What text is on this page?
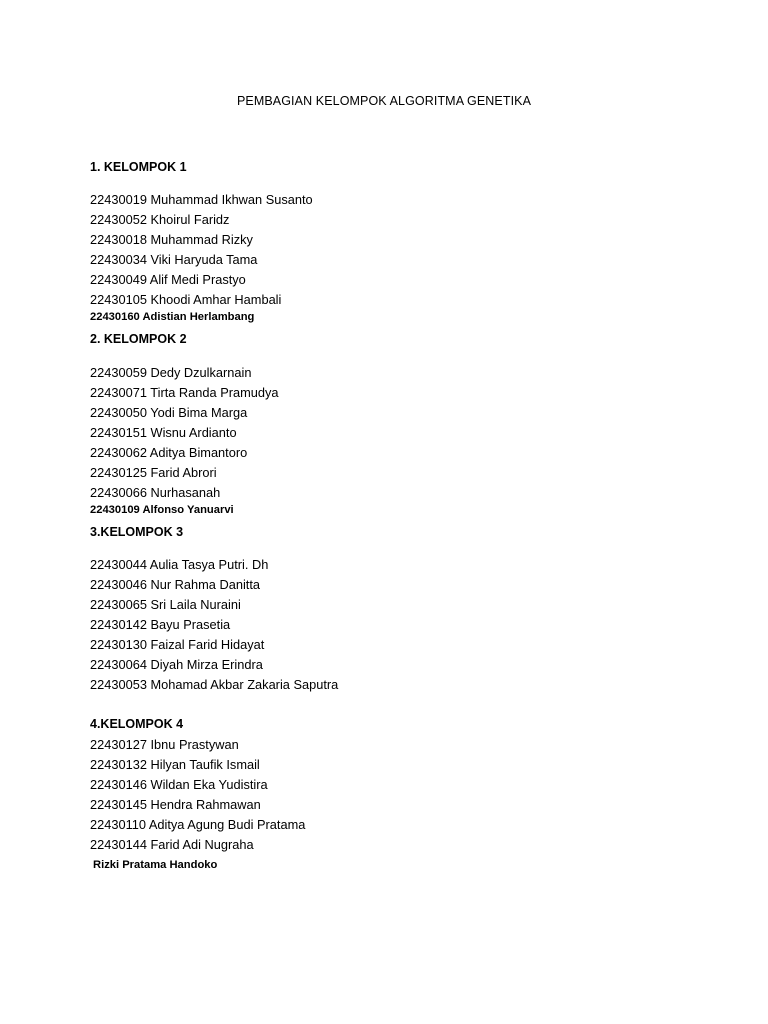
PEMBAGIAN KELOMPOK ALGORITMA GENETIKA
1. KELOMPOK 1
22430019 Muhammad Ikhwan Susanto
22430052 Khoirul Faridz
22430018 Muhammad Rizky
22430034 Viki Haryuda Tama
22430049 Alif Medi Prastyo
22430105 Khoodi Amhar Hambali
22430160 Adistian Herlambang
2. KELOMPOK 2
22430059 Dedy Dzulkarnain
22430071 Tirta Randa Pramudya
22430050 Yodi Bima Marga
22430151 Wisnu Ardianto
22430062 Aditya Bimantoro
22430125 Farid Abrori
22430066 Nurhasanah
22430109 Alfonso Yanuarvi
3.KELOMPOK 3
22430044 Aulia Tasya Putri. Dh
22430046 Nur Rahma Danitta
22430065 Sri Laila Nuraini
22430142 Bayu Prasetia
22430130 Faizal Farid Hidayat
22430064 Diyah Mirza Erindra
22430053 Mohamad Akbar Zakaria Saputra
4.KELOMPOK 4
22430127 Ibnu Prastywan
22430132 Hilyan Taufik Ismail
22430146 Wildan Eka Yudistira
22430145 Hendra Rahmawan
22430110 Aditya Agung Budi Pratama
22430144 Farid Adi Nugraha
Rizki Pratama Handoko
